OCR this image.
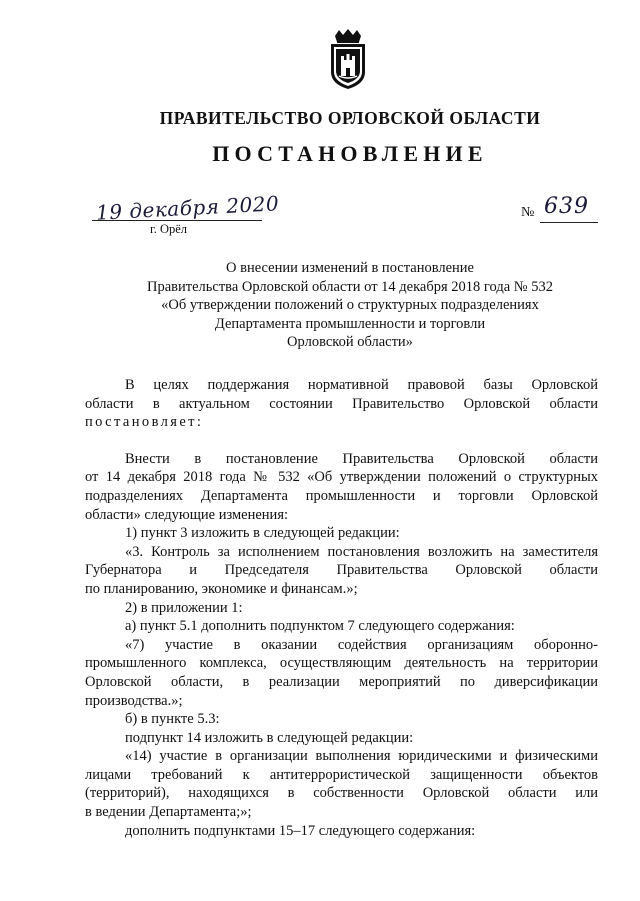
ПРАВИТЕЛЬСТВО ОРЛОВСКОЙ ОБЛАСТИ
ПОСТАНОВЛЕНИЕ
19 декабря 2020
г. Орёл
№ 639
О внесении изменений в постановление
Правительства Орловской области от 14 декабря 2018 года № 532
«Об утверждении положений о структурных подразделениях
Департамента промышленности и торговли
Орловской области»
В целях поддержания нормативной правовой базы Орловской
области в актуальном состоянии Правительство Орловской области
постановляет:
Внести в постановление Правительства Орловской области
от 14 декабря 2018 года № 532 «Об утверждении положений о структурных
подразделениях Департамента промышленности и торговли Орловской
области» следующие изменения:
1) пункт 3 изложить в следующей редакции:
«3. Контроль за исполнением постановления возложить на заместителя
Губернатора и Председателя Правительства Орловской области
по планированию, экономике и финансам.»;
2) в приложении 1:
а) пункт 5.1 дополнить подпунктом 7 следующего содержания:
«7) участие в оказании содействия организациям оборонно-
промышленного комплекса, осуществляющим деятельность на территории
Орловской области, в реализации мероприятий по диверсификации
производства.»;
б) в пункте 5.3:
подпункт 14 изложить в следующей редакции:
«14) участие в организации выполнения юридическими и физическими
лицами требований к антитеррористической защищенности объектов
(территорий), находящихся в собственности Орловской области или
в ведении Департамента;»;
дополнить подпунктами 15–17 следующего содержания:
